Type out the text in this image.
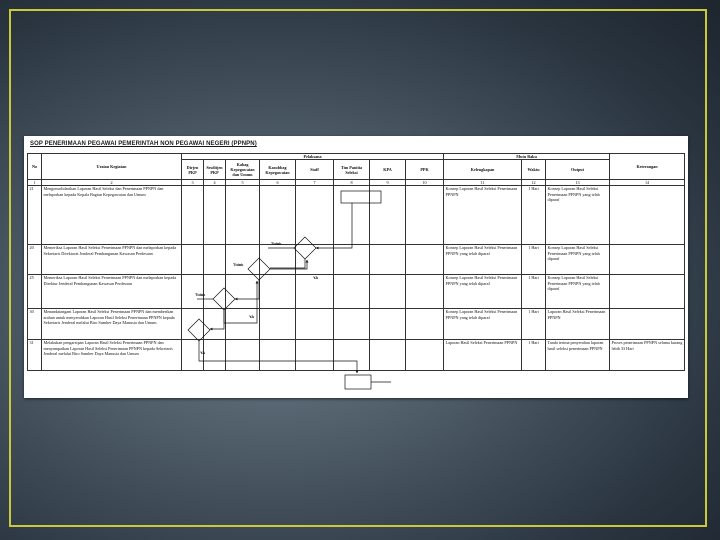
SOP PENERIMAAN PEGAWAI PEMERINTAH NON PEGAWAI NEGERI (PPNPN)
No	Uraian Kegiatan	Pelaksana								Mutu Baku			Keterangan
		Dirjen PKP	Sesditjen PKP	Kabag Kepegawaian dan Umum	Kasubbag Kepegawaian	Staff	Tim Panitia Seleksi	KPA	PPK	Kelengkapan	Waktu	Output	
1	2	3	4	5	6	7	8	9	10	11	12	13	14
21	Mengonsolidasikan Laporan Hasil Seleksi dan Penerimaan PPNPN dan melaporkan kepada Kepala Bagian Kepegawaian dan Umum									Konsep Laporan Hasil Seleksi Penerimaan PPNPN	1 Hari	Konsep Laporan Hasil Seleksi Penerimaan PPNPN yang telah diparaf	
20	Memeriksa Laporan Hasil Seleksi Penerimaan PPNPN dan melaporkan kepada Sekretaris Direktorat Jenderal Pembangunan Kawasan Perdesaan									Konsep Laporan Hasil Seleksi Penerimaan PPNPN yang telah diparaf	1 Hari	Konsep Laporan Hasil Seleksi Penerimaan PPNPN yang telah diparaf	
25	Memeriksa Laporan Hasil Seleksi Penerimaan PPNPN dan melaporkan kepada Direktur Jenderal Pembangunan Kawasan Perdesaan									Konsep Laporan Hasil Seleksi Penerimaan PPNPN yang telah diparaf	1 Hari	Konsep Laporan Hasil Seleksi Penerimaan PPNPN yang telah diparaf	
30	Menandatangani Laporan Hasil Seleksi Penerimaan PPNPN dan memberikan arahan untuk menyerahkan Laporan Hasil Seleksi Penerimaan PPNPN kepada Sekretaris Jenderal melalui Biro Sumber Daya Manusia dan Umum									Konsep Laporan Hasil Seleksi Penerimaan PPNPN yang telah diparaf	1 Hari	Laporan Hasil Seleksi Penerimaan PPNPN	
31	Melakukan pengarsipan Laporan Hasil Seleksi Penerimaan PPNPN dan menyampaikan Laporan Hasil Seleksi Penerimaan PPNPN kepada Sekretaris Jenderal melalui Biro Sumber Daya Manusia dan Umum									Laporan Hasil Seleksi Penerimaan PPNPN	1 Hari	Tanda terima penyerahan laporan hasil seleksi penerimaan PPNPN	Proses penerimaan PPNPN selama kurang lebih 33 Hari
Tidak
Tidak
YA
Tidak
YA
YA
